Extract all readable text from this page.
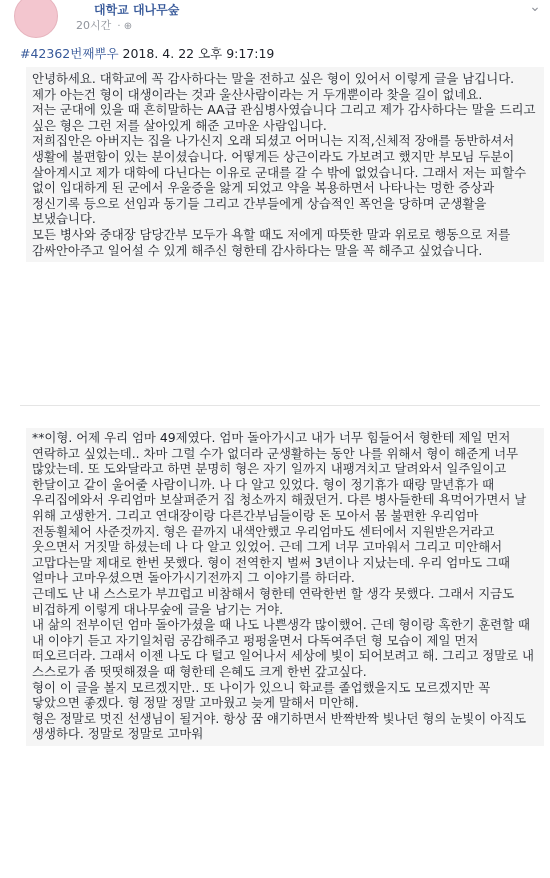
대학교 대나무숲
20시간 · ⊕
⌄
#42362번째뿌우 2018. 4. 22 오후 9:17:19

안녕하세요. 대학교에 꼭 감사하다는 말을 전하고 싶은 형이 있어서 이렇게 글을 남깁니다. 제가 아는건 형이 대생이라는 것과 울산사람이라는 거 두개뿐이라 찾을 길이 없네요.

저는 군대에 있을 때 흔히말하는 AA급 관심병사였습니다 그리고 제가 감사하다는 말을 드리고 싶은 형은 그런 저를 살아있게 해준 고마운 사람입니다.

저희집안은 아버지는 집을 나가신지 오래 되셨고 어머니는 지적,신체적 장애를 동반하셔서 생활에 불편함이 있는 분이셨습니다. 어떻게든 상근이라도 가보려고 했지만 부모님 두분이 살아계시고 제가 대학에 다닌다는 이유로 군대를 갈 수 밖에 없었습니다. 그래서 저는 피할수 없이 입대하게 된 군에서 우울증을 앓게 되었고 약을 복용하면서 나타나는 멍한 증상과 정신기록 등으로 선임과 동기들 그리고 간부들에게 상습적인 폭언을 당하며 군생활을 보냈습니다.

모든 병사와 중대장 담당간부 모두가 욕할 때도 저에게 따뜻한 말과 위로로 행동으로 저를 감싸안아주고 일어설 수 있게 해주신 형한테 감사하다는 말을 꼭 해주고 싶었습니다.

**이형. 어제 우리 엄마 49제였다. 엄마 돌아가시고 내가 너무 힘들어서 형한테 제일 먼저 연락하고 싶었는데.. 차마 그럴 수가 없더라 군생활하는 동안 나를 위해서 형이 해준게 너무 많았는데. 또 도와달라고 하면 분명히 형은 자기 일까지 내팽겨치고 달려와서 일주일이고 한달이고 같이 울어줄 사람이니까. 나 다 알고 있었다. 형이 정기휴가 때랑 말년휴가 때 우리집에와서 우리엄마 보살펴준거 집 청소까지 해줬던거. 다른 병사들한테 욕먹어가면서 날 위해 고생한거. 그리고 연대장이랑 다른간부님들이랑 돈 모아서 몸 불편한 우리엄마 전동휠체어 사준것까지. 형은 끝까지 내색안했고 우리엄마도 센터에서 지원받은거라고 웃으면서 거짓말 하셨는데 나 다 알고 있었어. 근데 그게 너무 고마워서 그리고 미안해서 고맙다는말 제대로 한번 못했다. 형이 전역한지 벌써 3년이나 지났는데. 우리 엄마도 그때 얼마나 고마우셨으면 돌아가시기전까지 그 이야기를 하더라.

근데도 난 내 스스로가 부끄럽고 비참해서 형한테 연락한번 할 생각 못했다. 그래서 지금도 비겁하게 이렇게 대나무숲에 글을 남기는 거야.

내 삶의 전부이던 엄마 돌아가셨을 때 나도 나쁜생각 많이했어. 근데 형이랑 혹한기 훈련할 때 내 이야기 듣고 자기일처럼 공감해주고 펑펑울면서 다독여주던 형 모습이 제일 먼저 떠오르더라. 그래서 이젠 나도 다 털고 일어나서 세상에 빛이 되어보려고 해. 그리고 정말로 내 스스로가 좀 떳떳해졌을 때 형한테 은혜도 크게 한번 갚고싶다.

형이 이 글을 볼지 모르겠지만.. 또 나이가 있으니 학교를 졸업했을지도 모르겠지만 꼭 닿았으면 좋겠다. 형 정말 정말 고마웠고 늦게 말해서 미안해.

형은 정말로 멋진 선생님이 될거야. 항상 꿈 얘기하면서 반짝반짝 빛나던 형의 눈빛이 아직도 생생하다. 정말로 정말로 고마워
